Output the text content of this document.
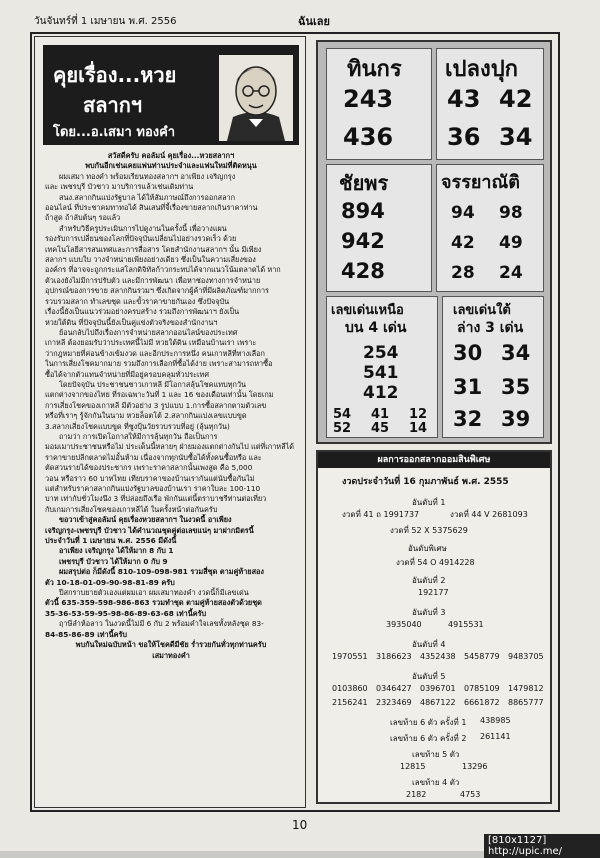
วันจันทร์ที่ 1 เมษายน พ.ศ. 2556	ฉันเลย
คุยเรื่อง...หวย
สลากฯ
โดย...อ.เสมา ทองคำ

สวัสดีครับ คอลัมน์ คุยเรื่อง...หวยสลากฯ

พบกันอีกเช่นเคยแฟนท่านประจำและแฟนใหม่ที่ติดหนุน

ผมเสมา ทองคำ พร้อมเรียนทองสลากฯ อาเพียง เจริญกรุง

และ เพชรบุรี บัวชาว มาบริการแล้วเช่นเดิมท่าน

สนง.สลากกินแบ่งรัฐบาล ได้ให้สัมภาษณ์ถึงการออกสลาก

ออนไลน์ ที่ประชาคมทาทอได้ สินเสนที่จี้เรื่องขายสลากเกินราคาท่าน

ถ้าสูด ถ้าลับต้นๆ รอแล้ว

สำหรับวิธีครูประเมินการไปดูงานในครั้งนี้ เพื่อวางแผน

รองรับการเปลี่ยนของโลกที่ปัจจุบันเปลี่ยนไปอย่างรวดเร็ว ด้วย

เทคโนโลยีสารสนเทศและการสื่อสาร โดยสำนักงานสลากฯ นั้น มีเพียง

สลากฯ แบบใบ วางจำหน่ายเพียงอย่างเดียว ซึ่งเป็นในความเสี่ยงของ

องค์กร ที่อาจจะถูกกระแสโลกดิจิทัลก้าวกระทบได้จากแนวโน้มตลาดได้ หาก

ตัวเองยังไม่มีการปรับตัว และมีการพัฒนา เพื่อหาช่องทางการจำหน่าย

อุปกรณ์ของการขาย สลากกินรวมฯ ซึ่งเกิดจากผู้ค้าที่มีผลิตภัณฑ์มากการ

รวบรวมสลาก ทำเลขชุด และขั้วราคาขายกันเอง ซึ่งปัจจุบัน

เรื่องนี้ยังเป็นแนวร่วมอย่างครบสร้าง รวมถึงการพัฒนาฯ ยังเป็น

หวยใต้ดิน ที่ปัจจุบันนี้ยังเป็นคู่แข่งตัวจริงของสำนักงานฯ

ย้อนกลับไปถึงเรื่องการจำหน่ายสลากออนไลน์ของประเทศ

เกาหลี ต้องยอมรับว่าประเทศนี้ไม่มี หวยใต้ดิน เหมือนบ้านเรา เพราะ

ว่ากฎหมายที่ค่อนข้างเข้มงวด และอีกประการหนึ่ง คนเกาหลีที่ทางเลือก

ในการเสี่ยงโชคมากมาย รวมถึงการเลือกที่ซื้อได้ง่าย เพราะสามารถหาซื้อ

ซื้อได้จากตัวแทนจำหน่ายที่มีอยู่ครอบคลุมทั่วประเทศ

โดยปัจจุบัน ประชาชนชาวเกาหลี มีโอกาสลุ้นโชคแทบทุกวัน

แตกต่างจากของไทย ที่รอเฉพาะวันที่ 1 และ 16 ของเดือนเท่านั้น โดยเกม

การเสี่ยงโชคของเกาหลี มีตัวอย่าง 3 รูปแบบ 1.การซื้อสลากตามตัวเลข

หรือที่เราๆ รู้จักกันในนาม หวยล็อตโต้ 2.สลากกินแบ่งเลขแบบขูด

3.สลากเสี่ยงโชคแบบขูด ที่ชูงปุ้นวัยรวบรวบที่อยู่ (ลุ้นทุกวัน)

ถามว่า การเปิดโอกาสให้มีการลุ้นทุกวัน ถือเป็นการ

มอมเมาประชาชนหรือไม่ ประเด็นนี้หลายๆ ฝ่ายมองแตกต่างกันไป แต่ที่เกาหลีได้

ราคาขายปลีกตลาดไม่อั้นห้าม เนื่องจากทุกนับซื้อได้ทั้งคนซื้อหรือ และ

ตัดสวนรายได้ของประชากร เพราะราคาสลากนั้นเพงสูด คือ 5,000

วอน หรือราว 60 บาทไทย เทียบราคาของบ้านเรากันแต่นับซื้อกันไม่

แต่สำหรับราคาสลากกินแบ่งรัฐบาลของบ้านเรา ราคาใบละ 100-110

บาท เท่ากับชั่วโมงนึง 3 ที่ปล่อยถึงเรือ พักกันแต่นี้ตราบาชรีท่านต่อเที่ยว

กับเกมการเสี่ยงโชคของเกาหลีได้ ในครั้งหน้าต่อกันครับ

ขอวาเข้าสู่คอลัมน์ คุยเรื่องหวยสลากฯ ในงวดนี้ อาเพียง

เจริญกรุง-เพชรบุรี บัวชาว ได้คำนวณชุดคู่ต่อเลขแน่ๆ มาฝากมิตรนี้

ประจำวันที่ 1 เมษายน พ.ศ. 2556 มีดังนี้

อาเพียง เจริญกรุง ได้ให้มาก 8 กับ 1

เพชรบุรี บัวชาว ได้ให้มาก 0 กับ 9

ผมสรุปต่อ ก็มีดังนี้ 810-109-098-981 รวมสี่ชุด ตามคู่ท้ายสอง

ตัว 10-18-01-09-90-98-81-89 ครับ

ปีสกราบยายตัวเองแต่ผมเอา ผมเสมาทองคำ งวดนี้ก็มีเลขเด่น

ตัวนี้ 635-359-598-986-863 รวมทำชุด ตามคู่ท้ายสองตัวด้วยชุด

35-36-53-59-95-98-86-89-63-68 เท่านี้ครับ

ฤาษีลำห้อลาว ในงวดนี้ไม่มี 6 กับ 2 พร้อมคำใจเลขทั้งหลังชุด 83-

84-85-86-89 เท่านี้ครับ

พบกันใหม่ฉบับหน้า ขอให้โชคดีมีชัย ร่ำรวยกันทั่วทุกท่านครับ

เสมาทองคำ

ทินกร
243
436
เปลงปุก
43 42
36 34
ชัยพร
894
942
428
จรรยาณัติ
94 98
42 49
28 24
เลขเด่นเหนือ
บน 4 เด่น
254
541
412
54 41 12
52 45 14
เลขเด่นใต้
ล่าง 3 เด่น
30 34
31 35
32 39
ผลการออกสลากออมสินพิเศษ
งวดประจำวันที่ 16 กุมภาพันธ์ พ.ศ. 2555
อันดับที่ 1
งวดที่ 41 ถ 1991737	งวดที่ 44 V 2681093
งวดที่ 52 X 5375629
อันดับพิเศษ
งวดที่ 54 O 4914228
อันดับที่ 2
192177
อันดับที่ 3
3935040	4915531
อันดับที่ 4
1970551 3186623 4352438 5458779 9483705
อันดับที่ 5
0103860 0346427 0396701 0785109 1479812
2156241 2323469 4867122 6661872 8865777
เลขท้าย 6 ตัว ครั้งที่ 1 438985
เลขท้าย 6 ตัว ครั้งที่ 2 261141
เลขท้าย 5 ตัว
12815	13296
เลขท้าย 4 ตัว
2182	4753
10
[810x1127] http://upic.me/
